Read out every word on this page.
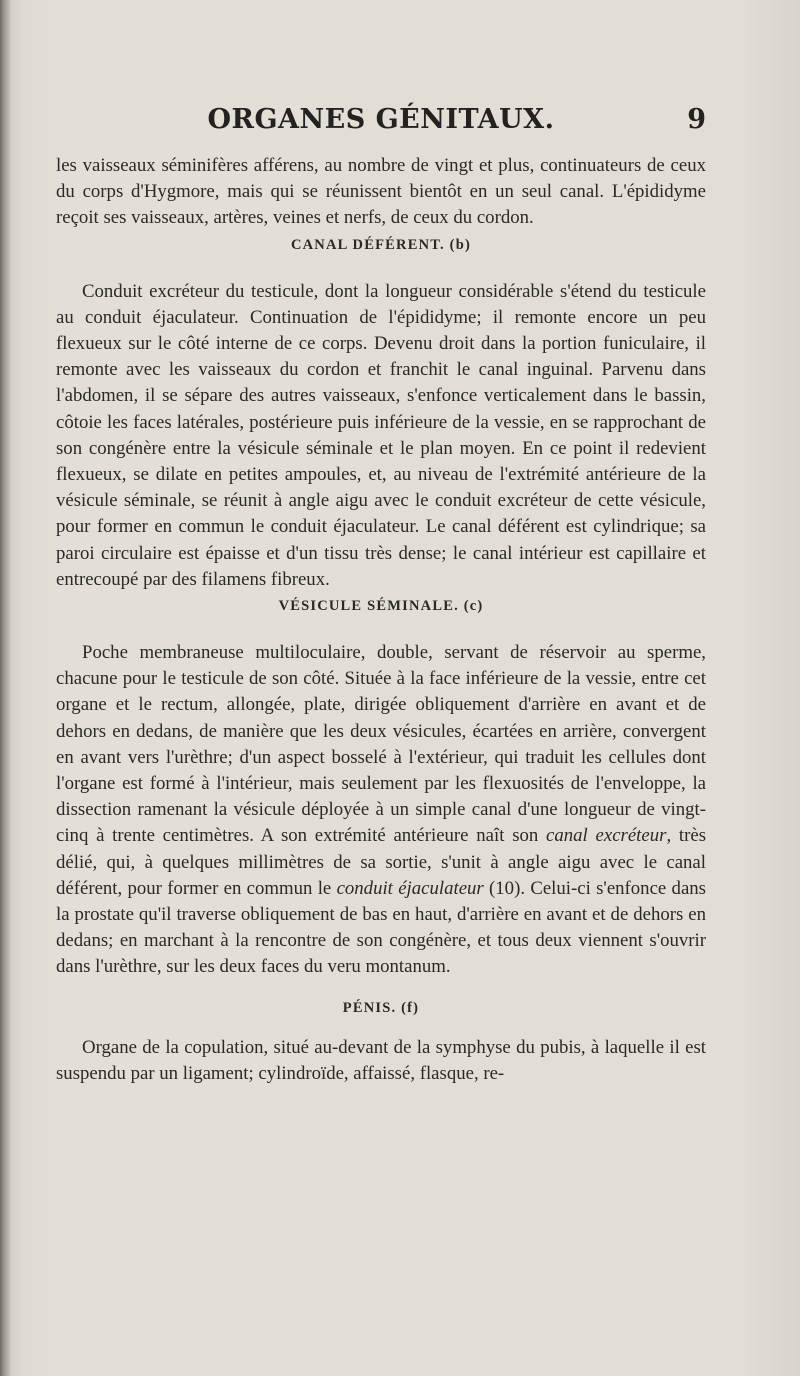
ORGANES GÉNITAUX.	9

les vaisseaux séminifères afférens, au nombre de vingt et plus, continuateurs de ceux du corps d'Hygmore, mais qui se réunissent bientôt en un seul canal. L'épididyme reçoit ses vaisseaux, artères, veines et nerfs, de ceux du cordon.

CANAL DÉFÉRENT. (b)

Conduit excréteur du testicule, dont la longueur considérable s'étend du testicule au conduit éjaculateur. Continuation de l'épididyme; il remonte encore un peu flexueux sur le côté interne de ce corps. Devenu droit dans la portion funiculaire, il remonte avec les vaisseaux du cordon et franchit le canal inguinal. Parvenu dans l'abdomen, il se sépare des autres vaisseaux, s'enfonce verticalement dans le bassin, côtoie les faces latérales, postérieure puis inférieure de la vessie, en se rapprochant de son congénère entre la vésicule séminale et le plan moyen. En ce point il redevient flexueux, se dilate en petites ampoules, et, au niveau de l'extrémité antérieure de la vésicule séminale, se réunit à angle aigu avec le conduit excréteur de cette vésicule, pour former en commun le conduit éjaculateur. Le canal déférent est cylindrique; sa paroi circulaire est épaisse et d'un tissu très dense; le canal intérieur est capillaire et entrecoupé par des filamens fibreux.

VÉSICULE SÉMINALE. (c)

Poche membraneuse multiloculaire, double, servant de réservoir au sperme, chacune pour le testicule de son côté. Située à la face inférieure de la vessie, entre cet organe et le rectum, allongée, plate, dirigée obliquement d'arrière en avant et de dehors en dedans, de manière que les deux vésicules, écartées en arrière, convergent en avant vers l'urèthre; d'un aspect bosselé à l'extérieur, qui traduit les cellules dont l'organe est formé à l'intérieur, mais seulement par les flexuosités de l'enveloppe, la dissection ramenant la vésicule déployée à un simple canal d'une longueur de vingt-cinq à trente centimètres. A son extrémité antérieure naît son canal excréteur, très délié, qui, à quelques millimètres de sa sortie, s'unit à angle aigu avec le canal déférent, pour former en commun le conduit éjaculateur (10). Celui-ci s'enfonce dans la prostate qu'il traverse obliquement de bas en haut, d'arrière en avant et de dehors en dedans; en marchant à la rencontre de son congénère, et tous deux viennent s'ouvrir dans l'urèthre, sur les deux faces du veru montanum.

PÉNIS. (f)

Organe de la copulation, situé au-devant de la symphyse du pubis, à laquelle il est suspendu par un ligament; cylindroïde, affaissé, flasque, re-
